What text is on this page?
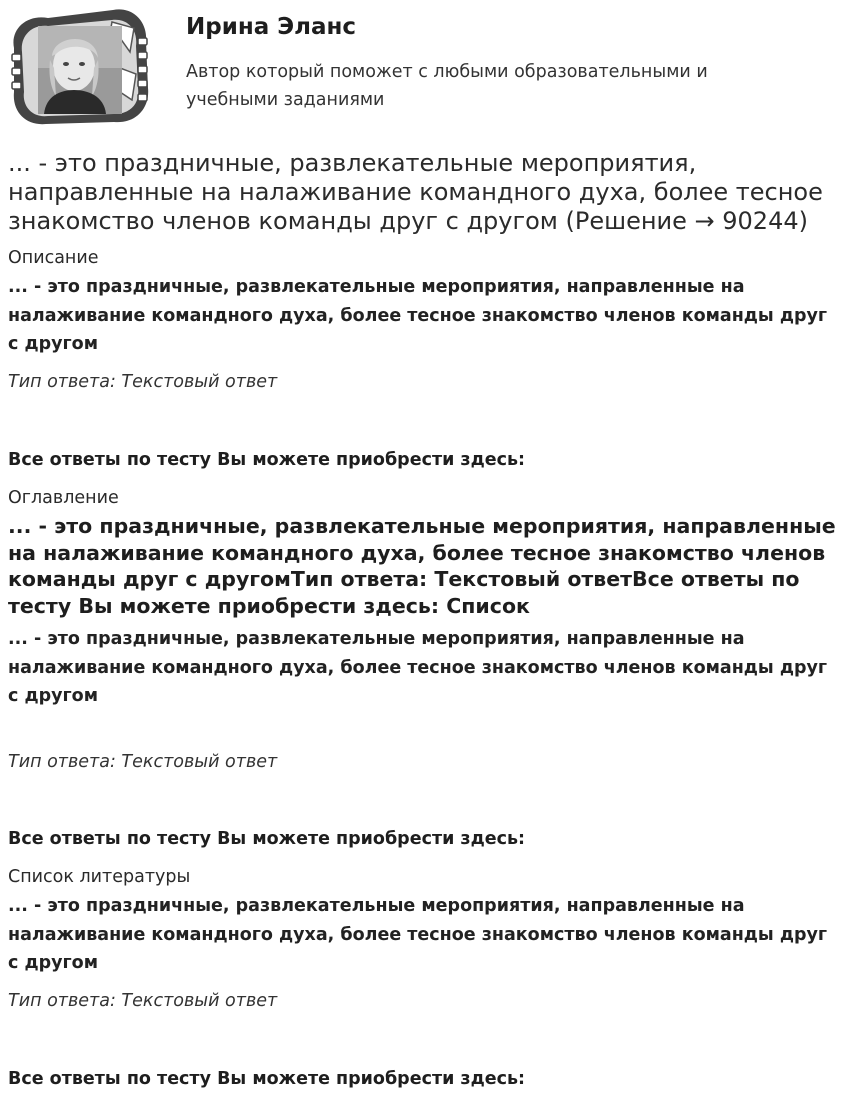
Ирина Эланс

Автор который поможет с любыми образовательными и учебными заданиями

... - это праздничные, развлекательные мероприятия, направленные на налаживание командного духа, более тесное знакомство членов команды друг с другом (Решение → 90244)

Описание

... - это праздничные, развлекательные мероприятия, направленные на налаживание командного духа, более тесное знакомство членов команды друг с другом

Тип ответа: Текстовый ответ

Все ответы по тесту Вы можете приобрести здесь:

Оглавление

... - это праздничные, развлекательные мероприятия, направленные на налаживание командного духа, более тесное знакомство членов команды друг с другомТип ответа: Текстовый ответВсе ответы по тесту Вы можете приобрести здесь: Список

... - это праздничные, развлекательные мероприятия, направленные на налаживание командного духа, более тесное знакомство членов команды друг с другом

Тип ответа: Текстовый ответ

Все ответы по тесту Вы можете приобрести здесь:

Список литературы

... - это праздничные, развлекательные мероприятия, направленные на налаживание командного духа, более тесное знакомство членов команды друг с другом

Тип ответа: Текстовый ответ

Все ответы по тесту Вы можете приобрести здесь:
